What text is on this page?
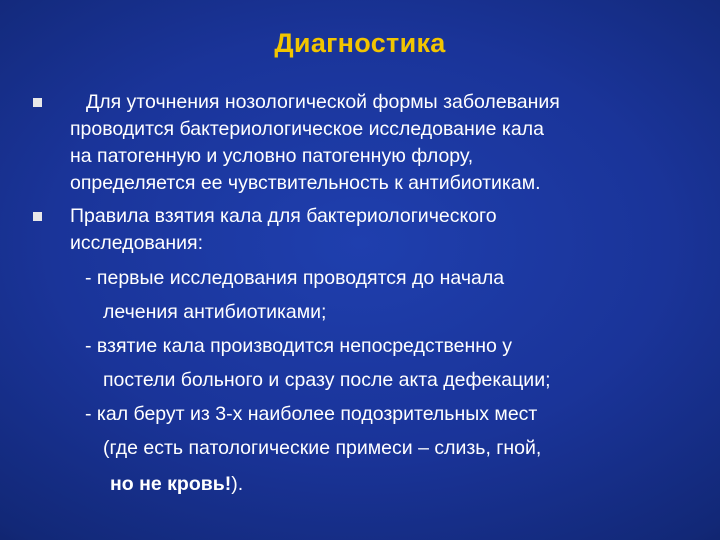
Диагностика
Для уточнения нозологической формы заболевания
проводится бактериологическое исследование кала
на патогенную и условно патогенную флору,
определяется ее чувствительность к антибиотикам.
Правила взятия кала для бактериологического
исследования:
- первые исследования проводятся до начала
лечения антибиотиками;
- взятие кала производится непосредственно у
постели больного и сразу после акта дефекации;
- кал берут из 3-х наиболее подозрительных мест
(где есть патологические примеси – слизь, гной,
но не кровь!).
